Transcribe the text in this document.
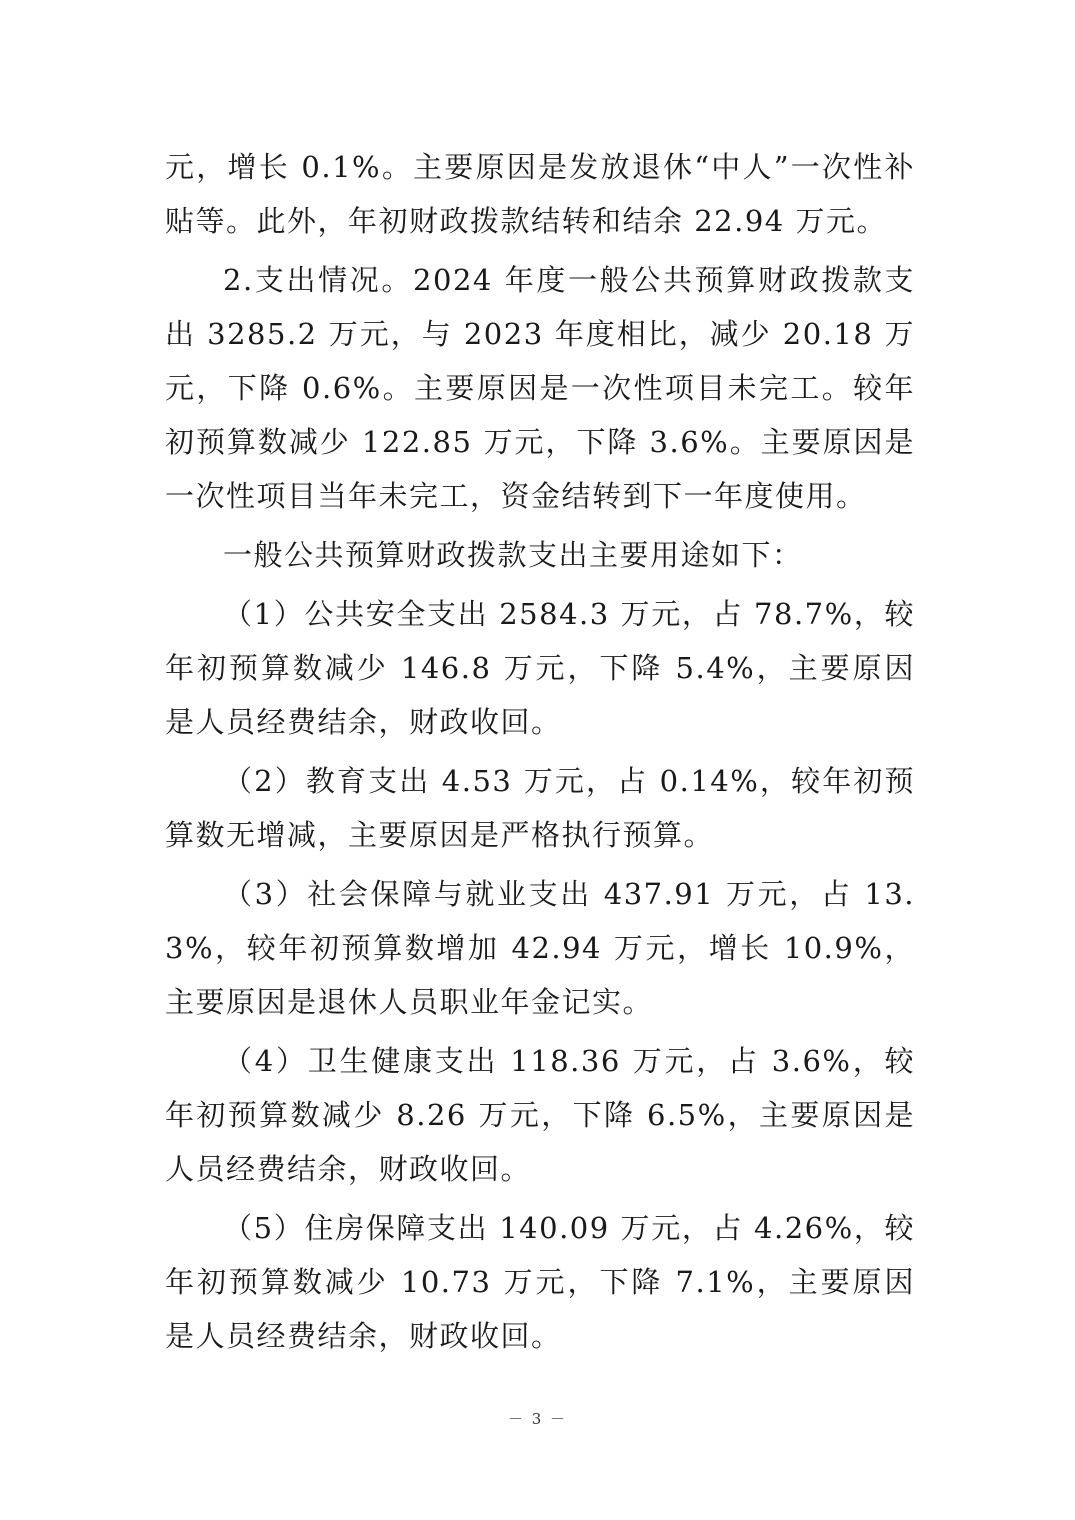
元，增长 0.1%。主要原因是发放退休“中人”一次性补贴等。此外，年初财政拨款结转和结余 22.94 万元。

2.支出情况。2024 年度一般公共预算财政拨款支出 3285.2 万元，与 2023 年度相比，减少 20.18 万元，下降 0.6%。主要原因是一次性项目未完工。较年初预算数减少 122.85 万元，下降 3.6%。主要原因是一次性项目当年未完工，资金结转到下一年度使用。

一般公共预算财政拨款支出主要用途如下：

（1）公共安全支出 2584.3 万元，占 78.7%，较年初预算数减少 146.8 万元，下降 5.4%，主要原因是人员经费结余，财政收回。

（2）教育支出 4.53 万元，占 0.14%，较年初预算数无增减，主要原因是严格执行预算。

（3）社会保障与就业支出 437.91 万元，占 13.3%，较年初预算数增加 42.94 万元，增长 10.9%，主要原因是退休人员职业年金记实。

（4）卫生健康支出 118.36 万元，占 3.6%，较年初预算数减少 8.26 万元，下降 6.5%，主要原因是人员经费结余，财政收回。

（5）住房保障支出 140.09 万元，占 4.26%，较年初预算数减少 10.73 万元，下降 7.1%，主要原因是人员经费结余，财政收回。

－ 3 －
